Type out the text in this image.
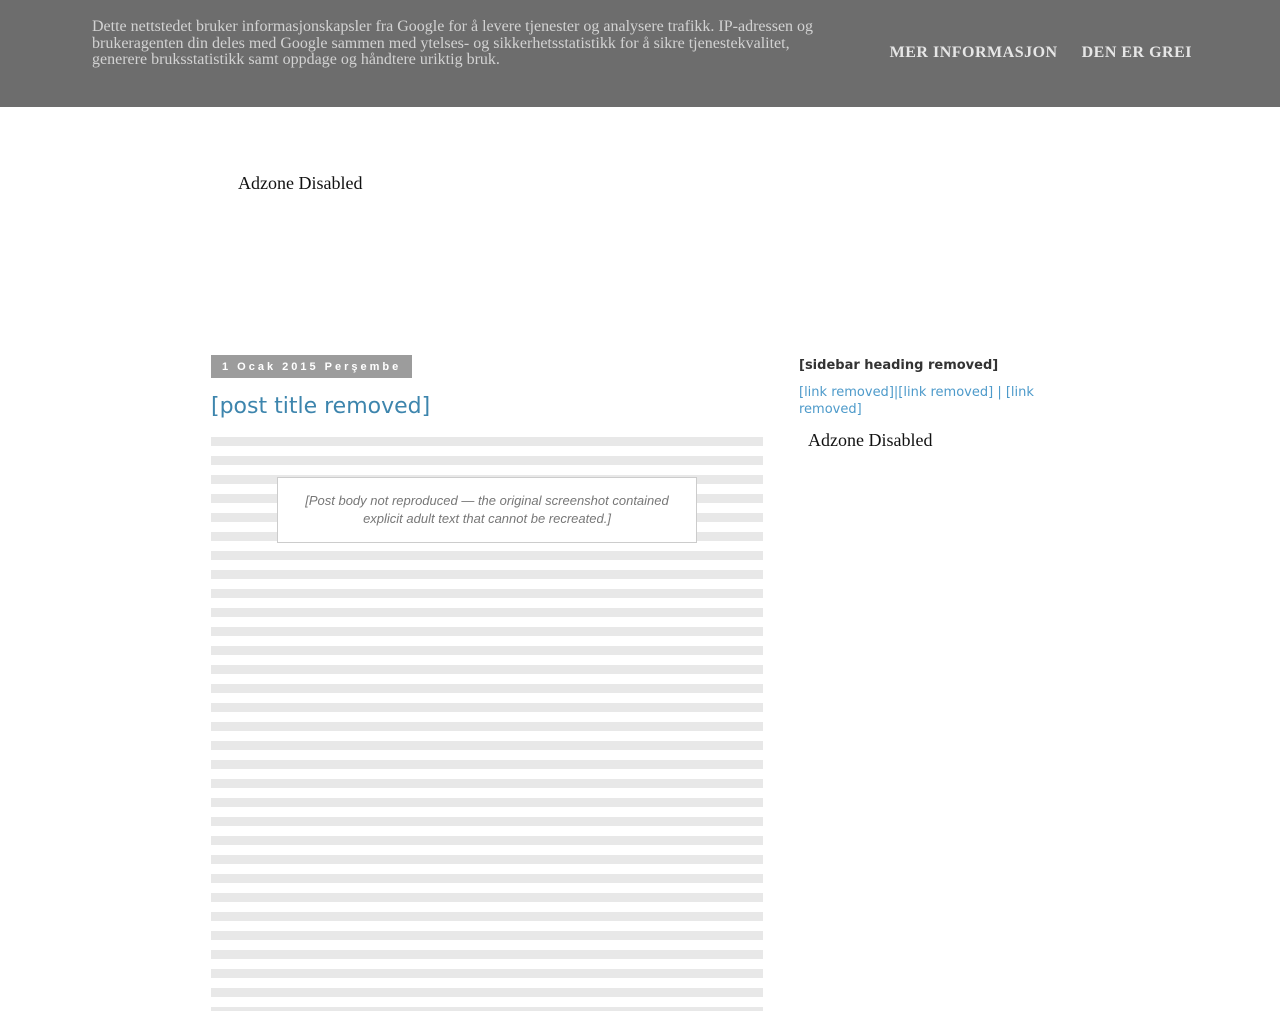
Dette nettstedet bruker informasjonskapsler fra Google for å levere tjenester og analysere trafikk. IP-adressen og brukeragenten din deles med Google sammen med ytelses- og sikkerhetsstatistikk for å sikre tjenestekvalitet, generere bruksstatistikk samt oppdage og håndtere uriktig bruk.	MER INFORMASJON DEN ER GREI
Adzone Disabled
1 Ocak 2015 Perşembe
[post title removed]
[Post body not reproduced — the original screenshot contained explicit adult text that cannot be recreated.]
[sidebar heading removed]

[link removed]|[link removed] | [link removed]

Adzone Disabled
